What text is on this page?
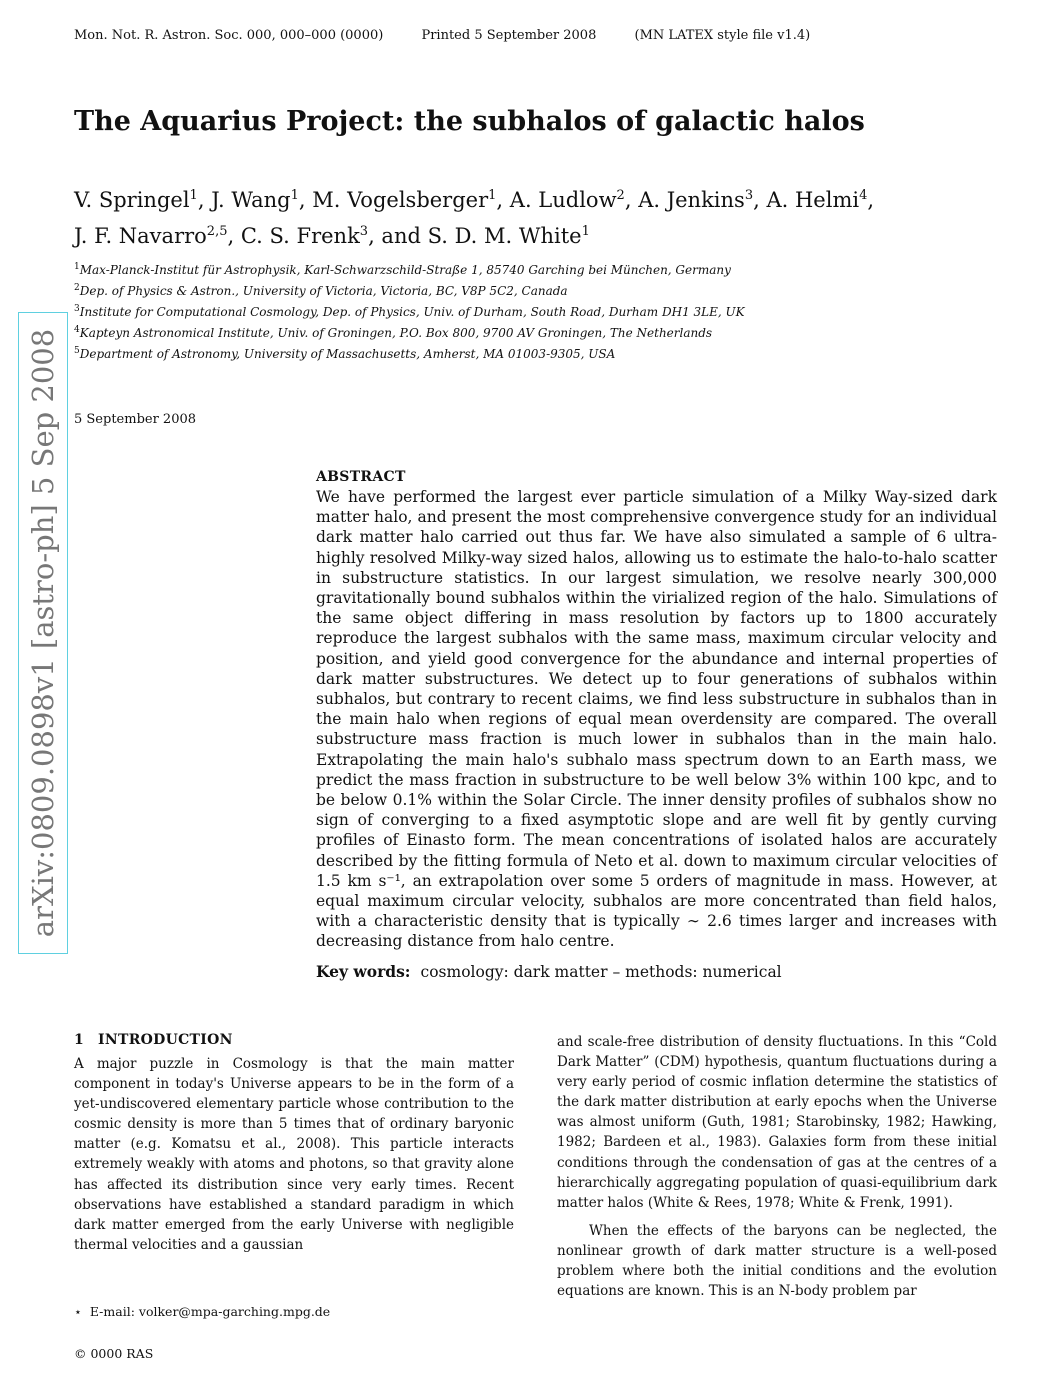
Mon. Not. R. Astron. Soc. 000, 000–000 (0000)	Printed 5 September 2008	(MN LATEX style file v1.4)
The Aquarius Project: the subhalos of galactic halos
V. Springel$^1$, J. Wang$^1$, M. Vogelsberger$^1$, A. Ludlow$^2$, A. Jenkins$^3$, A. Helmi$^4$,
J. F. Navarro$^{2,5}$, C. S. Frenk$^3$, and S. D. M. White$^1$
$^1$Max-Planck-Institut für Astrophysik, Karl-Schwarzschild-Straße 1, 85740 Garching bei München, Germany
$^2$Dep. of Physics & Astron., University of Victoria, Victoria, BC, V8P 5C2, Canada
$^3$Institute for Computational Cosmology, Dep. of Physics, Univ. of Durham, South Road, Durham DH1 3LE, UK
$^4$Kapteyn Astronomical Institute, Univ. of Groningen, P.O. Box 800, 9700 AV Groningen, The Netherlands
$^5$Department of Astronomy, University of Massachusetts, Amherst, MA 01003-9305, USA
5 September 2008
arXiv:0809.0898v1 [astro-ph] 5 Sep 2008	ABSTRACT

We have performed the largest ever particle simulation of a Milky Way-sized dark matter halo, and present the most comprehensive convergence study for an individual dark matter halo carried out thus far. We have also simulated a sample of 6 ultra-highly resolved Milky-way sized halos, allowing us to estimate the halo-to-halo scatter in substructure statistics. In our largest simulation, we resolve nearly 300,000 gravitationally bound subhalos within the virialized region of the halo. Simulations of the same object differing in mass resolution by factors up to 1800 accurately reproduce the largest subhalos with the same mass, maximum circular velocity and position, and yield good convergence for the abundance and internal properties of dark matter substructures. We detect up to four generations of subhalos within subhalos, but contrary to recent claims, we find less substructure in subhalos than in the main halo when regions of equal mean overdensity are compared. The overall substructure mass fraction is much lower in subhalos than in the main halo. Extrapolating the main halo's subhalo mass spectrum down to an Earth mass, we predict the mass fraction in substructure to be well below 3% within 100 kpc, and to be below 0.1% within the Solar Circle. The inner density profiles of subhalos show no sign of converging to a fixed asymptotic slope and are well fit by gently curving profiles of Einasto form. The mean concentrations of isolated halos are accurately described by the fitting formula of Neto et al. down to maximum circular velocities of 1.5 km s⁻¹, an extrapolation over some 5 orders of magnitude in mass. However, at equal maximum circular velocity, subhalos are more concentrated than field halos, with a characteristic density that is typically ∼ 2.6 times larger and increases with decreasing distance from halo centre.

Key words: cosmology: dark matter – methods: numerical
1 INTRODUCTION

A major puzzle in Cosmology is that the main matter component in today's Universe appears to be in the form of a yet-undiscovered elementary particle whose contribution to the cosmic density is more than 5 times that of ordinary baryonic matter (e.g. Komatsu et al., 2008). This particle interacts extremely weakly with atoms and photons, so that gravity alone has affected its distribution since very early times. Recent observations have established a standard paradigm in which dark matter emerged from the early Universe with negligible thermal velocities and a gaussian

and scale-free distribution of density fluctuations. In this “Cold Dark Matter” (CDM) hypothesis, quantum fluctuations during a very early period of cosmic inflation determine the statistics of the dark matter distribution at early epochs when the Universe was almost uniform (Guth, 1981; Starobinsky, 1982; Hawking, 1982; Bardeen et al., 1983). Galaxies form from these initial conditions through the condensation of gas at the centres of a hierarchically aggregating population of quasi-equilibrium dark matter halos (White & Rees, 1978; White & Frenk, 1991).

When the effects of the baryons can be neglected, the nonlinear growth of dark matter structure is a well-posed problem where both the initial conditions and the evolution equations are known. This is an N-body problem par

⋆ E-mail: volker@mpa-garching.mpg.de
© 0000 RAS
